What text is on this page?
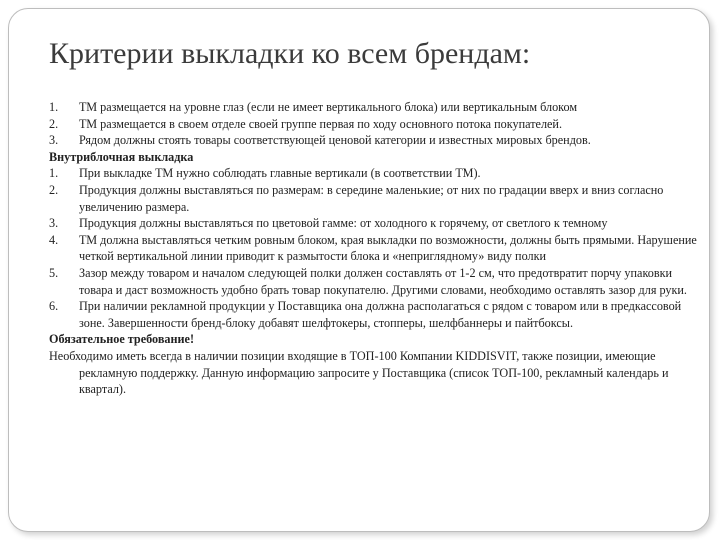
Критерии выкладки ко всем брендам:
1. ТМ размещается на уровне глаз (если не имеет вертикального блока) или вертикальным блоком
2. ТМ размещается в своем отделе своей группе первая по ходу основного потока покупателей.
3. Рядом должны стоять товары соответствующей ценовой категории и известных мировых брендов.
Внутриблочная выкладка
1. При выкладке ТМ нужно соблюдать главные вертикали (в соответствии ТМ).
2. Продукция должны выставляться по размерам: в середине маленькие; от них по градации вверх и вниз согласно увеличению размера.
3. Продукция должны выставляться по цветовой гамме: от холодного к горячему, от светлого к темному
4. ТМ должна выставляться четким ровным блоком, края выкладки по возможности, должны быть прямыми. Нарушение четкой вертикальной линии приводит к размытости блока и «неприглядному» виду полки
5. Зазор между товаром и началом следующей полки должен составлять от 1-2 см, что предотвратит порчу упаковки товара и даст возможность удобно брать товар покупателю. Другими словами, необходимо оставлять зазор для руки.
6. При наличии рекламной продукции у Поставщика она должна располагаться с рядом с товаром или в предкассовой зоне. Завершенности бренд-блоку добавят шелфтокеры, стопперы, шелфбаннеры и пайтбоксы.
Обязательное требование!
Необходимо иметь всегда в наличии позиции входящие в ТОП-100 Компании KIDDISVIT, также позиции, имеющие рекламную поддержку. Данную информацию запросите у Поставщика (список ТОП-100, рекламный календарь и квартал).
